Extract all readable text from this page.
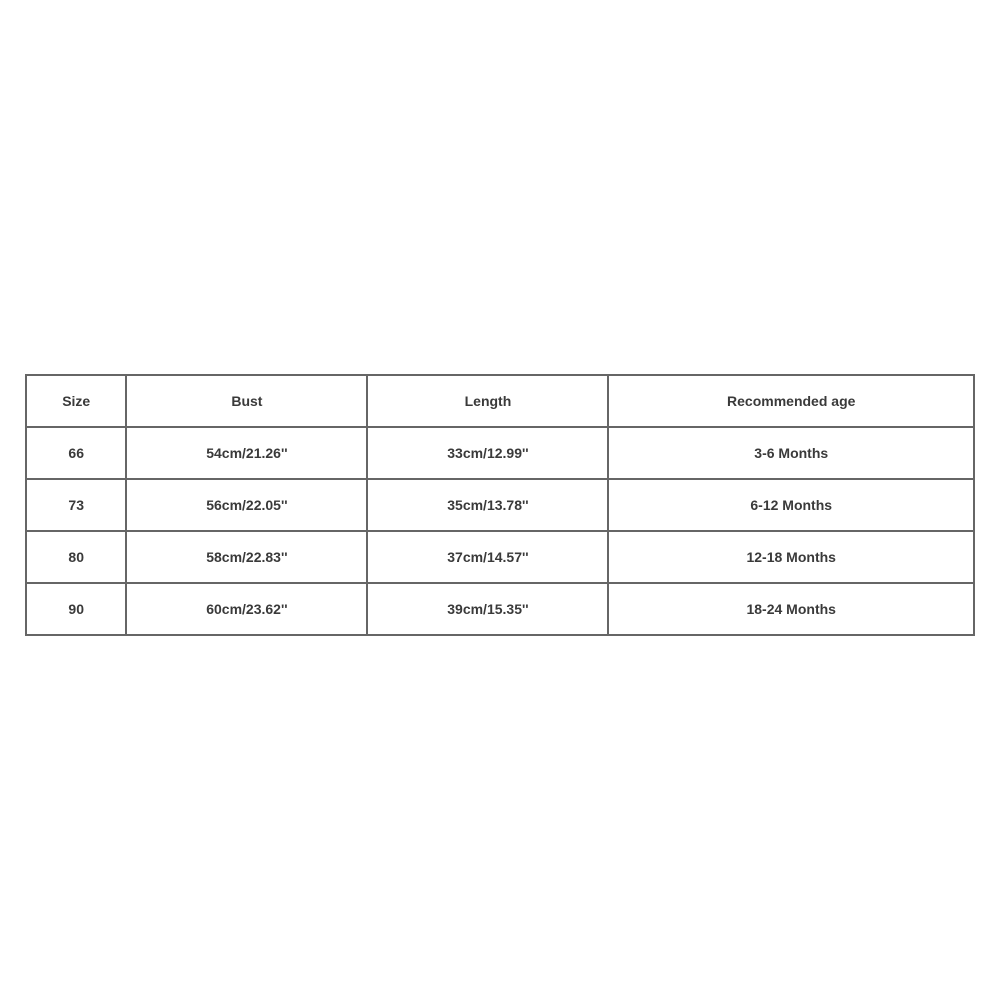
Size	Bust	Length	Recommended age
66	54cm/21.26''	33cm/12.99''	3-6 Months
73	56cm/22.05''	35cm/13.78''	6-12 Months
80	58cm/22.83''	37cm/14.57''	12-18 Months
90	60cm/23.62''	39cm/15.35''	18-24 Months
